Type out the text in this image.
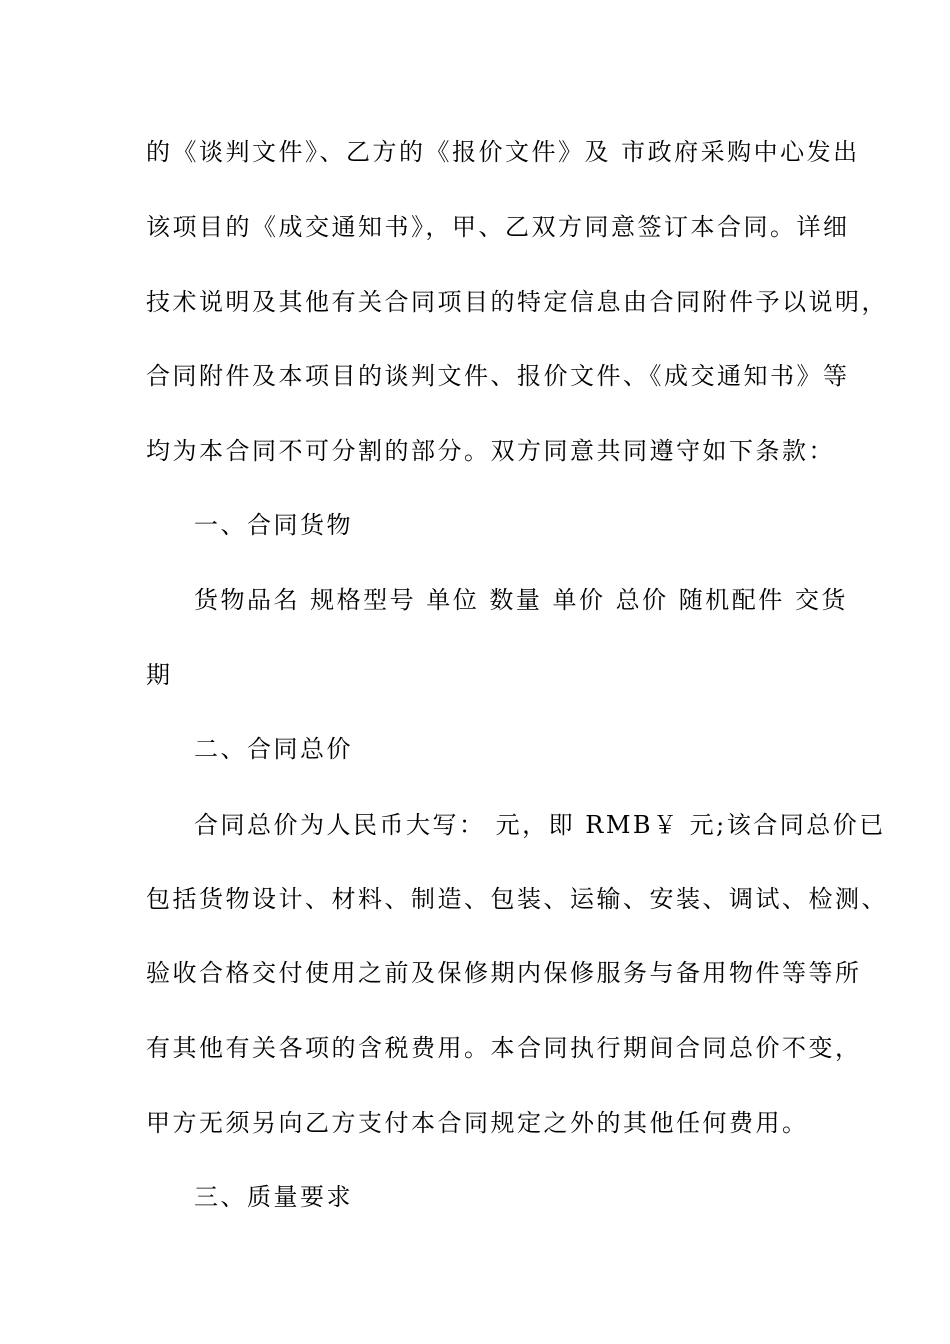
的《谈判文件》、乙方的《报价文件》及 市政府采购中心发出
该项目的《成交通知书》，甲、乙双方同意签订本合同。详细
技术说明及其他有关合同项目的特定信息由合同附件予以说明，
合同附件及本项目的谈判文件、报价文件、《成交通知书》等
均为本合同不可分割的部分。双方同意共同遵守如下条款：
一、合同货物
货物品名 规格型号 单位 数量 单价 总价 随机配件 交货
期
二、合同总价
合同总价为人民币大写： 元，即 RMB￥ 元;该合同总价已
包括货物设计、材料、制造、包装、运输、安装、调试、检测、
验收合格交付使用之前及保修期内保修服务与备用物件等等所
有其他有关各项的含税费用。本合同执行期间合同总价不变，
甲方无须另向乙方支付本合同规定之外的其他任何费用。
三、质量要求
